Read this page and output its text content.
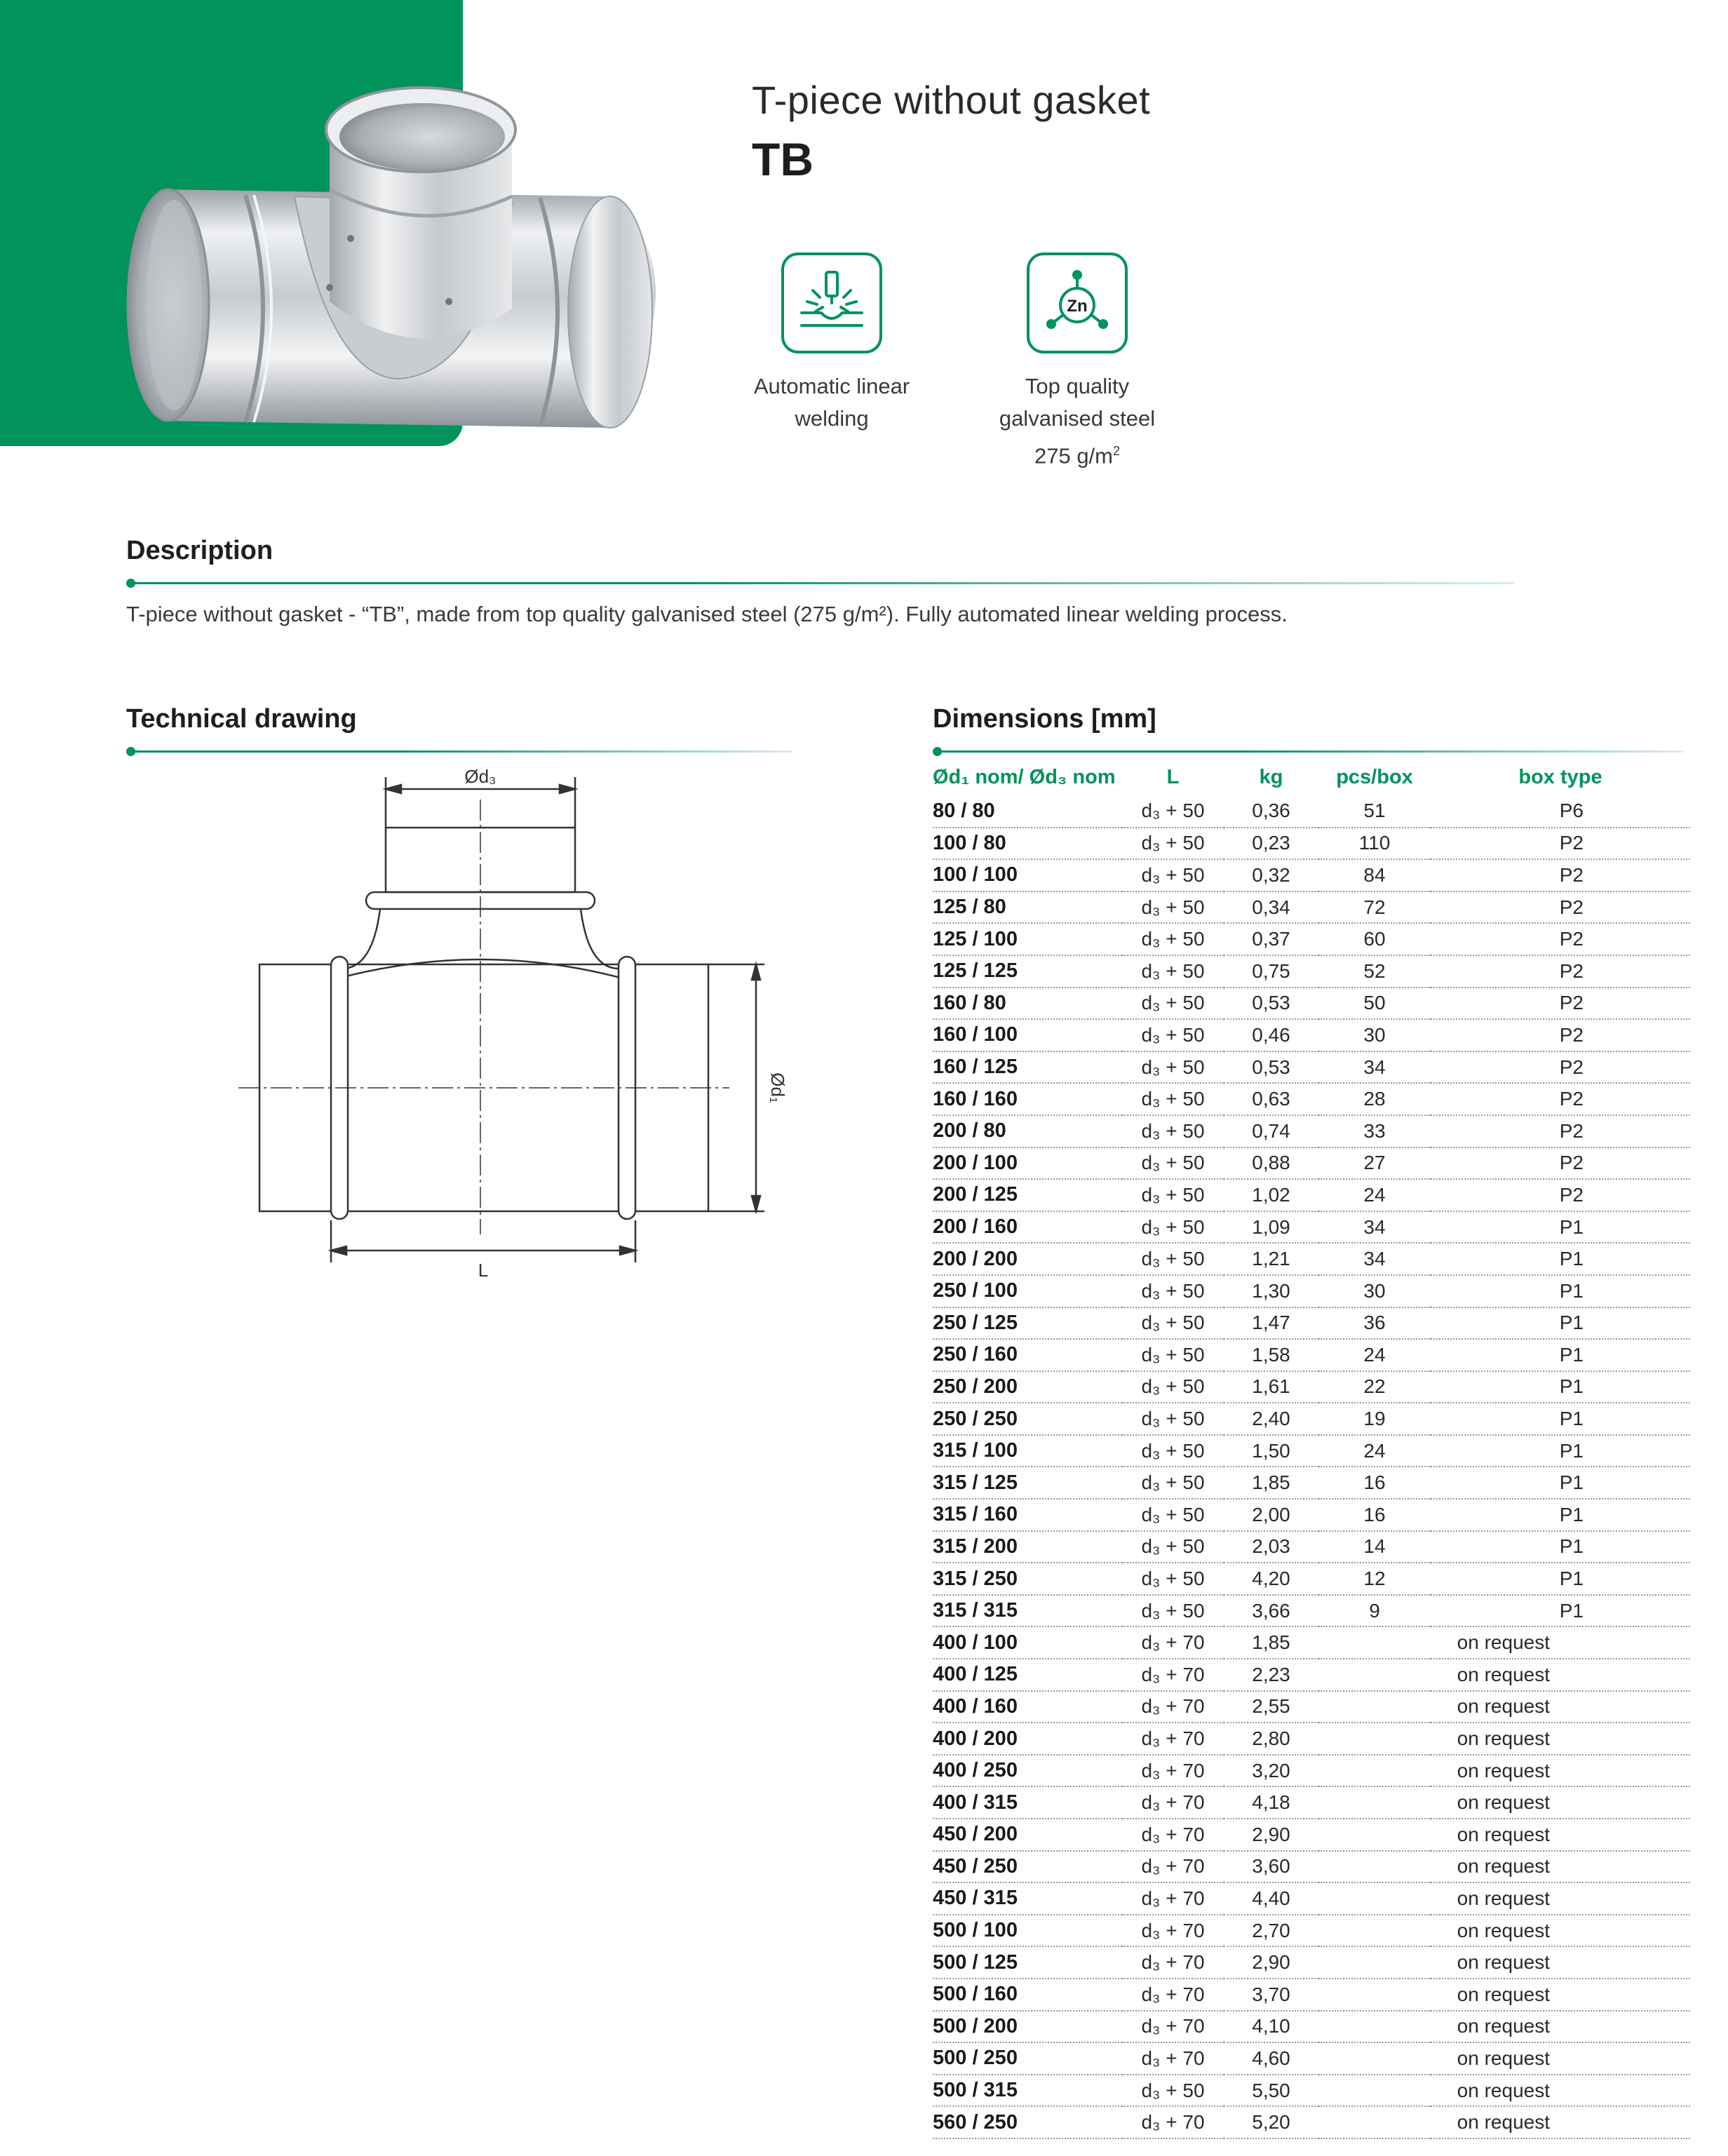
T-piece without gasket
TB
Automatic linear
welding
Zn
Top quality
galvanised steel
275 $g/m^2$
Description
T-piece without gasket - “TB”, made from top quality galvanised steel (275 g/m²). Fully automated linear welding process.
Technical drawing
Ød₃
Ød₁
L
Dimensions [mm]
Ød₁ nom/ Ød₃ nom	L	kg	pcs/box	box type
80 / 80	d₃ + 50	0,36	51	P6
100 / 80	d₃ + 50	0,23	110	P2
100 / 100	d₃ + 50	0,32	84	P2
125 / 80	d₃ + 50	0,34	72	P2
125 / 100	d₃ + 50	0,37	60	P2
125 / 125	d₃ + 50	0,75	52	P2
160 / 80	d₃ + 50	0,53	50	P2
160 / 100	d₃ + 50	0,46	30	P2
160 / 125	d₃ + 50	0,53	34	P2
160 / 160	d₃ + 50	0,63	28	P2
200 / 80	d₃ + 50	0,74	33	P2
200 / 100	d₃ + 50	0,88	27	P2
200 / 125	d₃ + 50	1,02	24	P2
200 / 160	d₃ + 50	1,09	34	P1
200 / 200	d₃ + 50	1,21	34	P1
250 / 100	d₃ + 50	1,30	30	P1
250 / 125	d₃ + 50	1,47	36	P1
250 / 160	d₃ + 50	1,58	24	P1
250 / 200	d₃ + 50	1,61	22	P1
250 / 250	d₃ + 50	2,40	19	P1
315 / 100	d₃ + 50	1,50	24	P1
315 / 125	d₃ + 50	1,85	16	P1
315 / 160	d₃ + 50	2,00	16	P1
315 / 200	d₃ + 50	2,03	14	P1
315 / 250	d₃ + 50	4,20	12	P1
315 / 315	d₃ + 50	3,66	9	P1
400 / 100	d₃ + 70	1,85		on request
400 / 125	d₃ + 70	2,23		on request
400 / 160	d₃ + 70	2,55		on request
400 / 200	d₃ + 70	2,80		on request
400 / 250	d₃ + 70	3,20		on request
400 / 315	d₃ + 70	4,18		on request
450 / 200	d₃ + 70	2,90		on request
450 / 250	d₃ + 70	3,60		on request
450 / 315	d₃ + 70	4,40		on request
500 / 100	d₃ + 70	2,70		on request
500 / 125	d₃ + 70	2,90		on request
500 / 160	d₃ + 70	3,70		on request
500 / 200	d₃ + 70	4,10		on request
500 / 250	d₃ + 70	4,60		on request
500 / 315	d₃ + 50	5,50		on request
560 / 250	d₃ + 70	5,20		on request
